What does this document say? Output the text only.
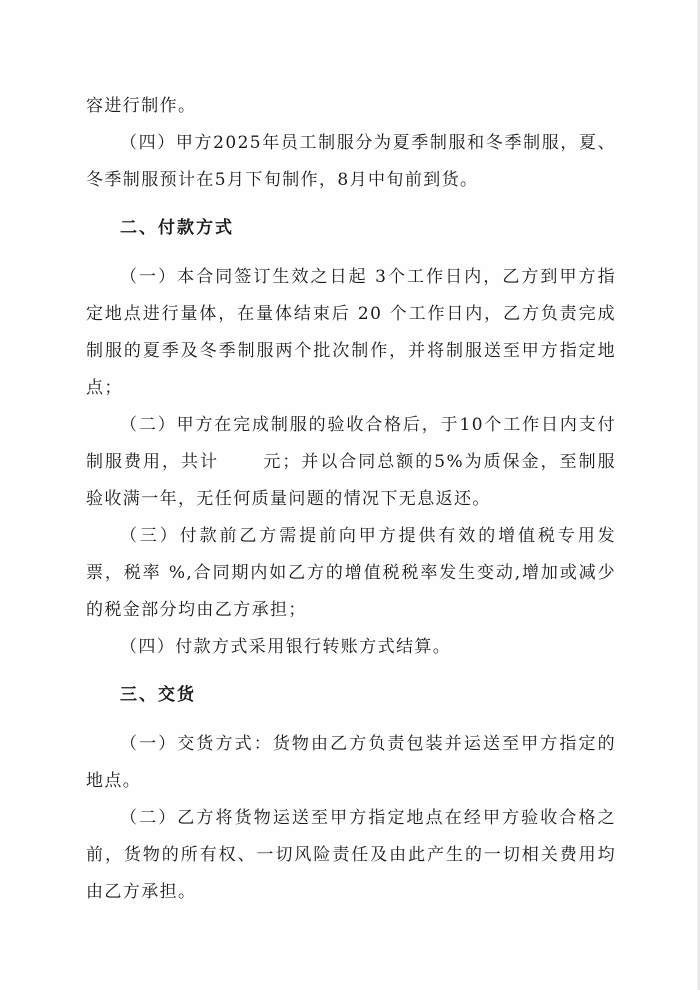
容进行制作。

（四）甲方2025年员工制服分为夏季制服和冬季制服，夏、冬季制服预计在5月下旬制作，8月中旬前到货。

二、付款方式

（一）本合同签订生效之日起 3个工作日内，乙方到甲方指定地点进行量体，在量体结束后 20 个工作日内，乙方负责完成制服的夏季及冬季制服两个批次制作，并将制服送至甲方指定地点；

（二）甲方在完成制服的验收合格后，于10个工作日内支付制服费用，共计      元；并以合同总额的5%为质保金，至制服验收满一年，无任何质量问题的情况下无息返还。

（三）付款前乙方需提前向甲方提供有效的增值税专用发票，税率 %,合同期内如乙方的增值税税率发生变动,增加或减少的税金部分均由乙方承担；

（四）付款方式采用银行转账方式结算。

三、交货

（一）交货方式：货物由乙方负责包装并运送至甲方指定的地点。

（二）乙方将货物运送至甲方指定地点在经甲方验收合格之前，货物的所有权、一切风险责任及由此产生的一切相关费用均由乙方承担。
